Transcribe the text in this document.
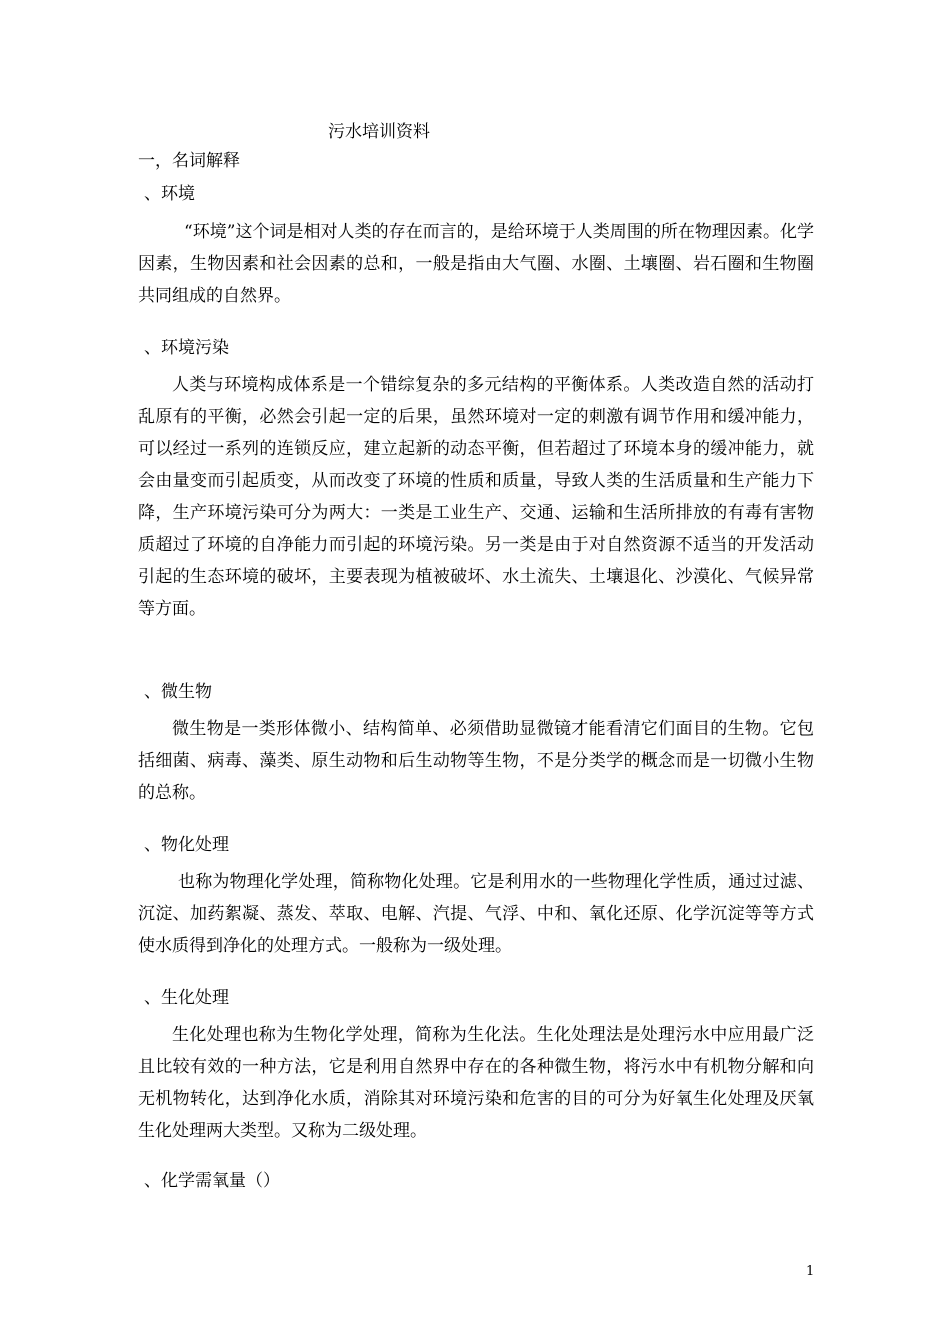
污水培训资料
一，名词解释
、环境

“环境”这个词是相对人类的存在而言的，是给环境于人类周围的所在物理因素。化学因素，生物因素和社会因素的总和，一般是指由大气圈、水圈、土壤圈、岩石圈和生物圈共同组成的自然界。

、环境污染

人类与环境构成体系是一个错综复杂的多元结构的平衡体系。人类改造自然的活动打乱原有的平衡，必然会引起一定的后果，虽然环境对一定的刺激有调节作用和缓冲能力，可以经过一系列的连锁反应，建立起新的动态平衡，但若超过了环境本身的缓冲能力，就会由量变而引起质变，从而改变了环境的性质和质量，导致人类的生活质量和生产能力下降，生产环境污染可分为两大：一类是工业生产、交通、运输和生活所排放的有毒有害物质超过了环境的自净能力而引起的环境污染。另一类是由于对自然资源不适当的开发活动引起的生态环境的破坏，主要表现为植被破坏、水土流失、土壤退化、沙漠化、气候异常等方面。

、微生物

微生物是一类形体微小、结构简单、必须借助显微镜才能看清它们面目的生物。它包括细菌、病毒、藻类、原生动物和后生动物等生物，不是分类学的概念而是一切微小生物的总称。

、物化处理

也称为物理化学处理，简称物化处理。它是利用水的一些物理化学性质，通过过滤、沉淀、加药絮凝、蒸发、萃取、电解、汽提、气浮、中和、氧化还原、化学沉淀等等方式使水质得到净化的处理方式。一般称为一级处理。

、生化处理

生化处理也称为生物化学处理，简称为生化法。生化处理法是处理污水中应用最广泛且比较有效的一种方法，它是利用自然界中存在的各种微生物，将污水中有机物分解和向无机物转化，达到净化水质，消除其对环境污染和危害的目的可分为好氧生化处理及厌氧生化处理两大类型。又称为二级处理。

、化学需氧量（）
1
